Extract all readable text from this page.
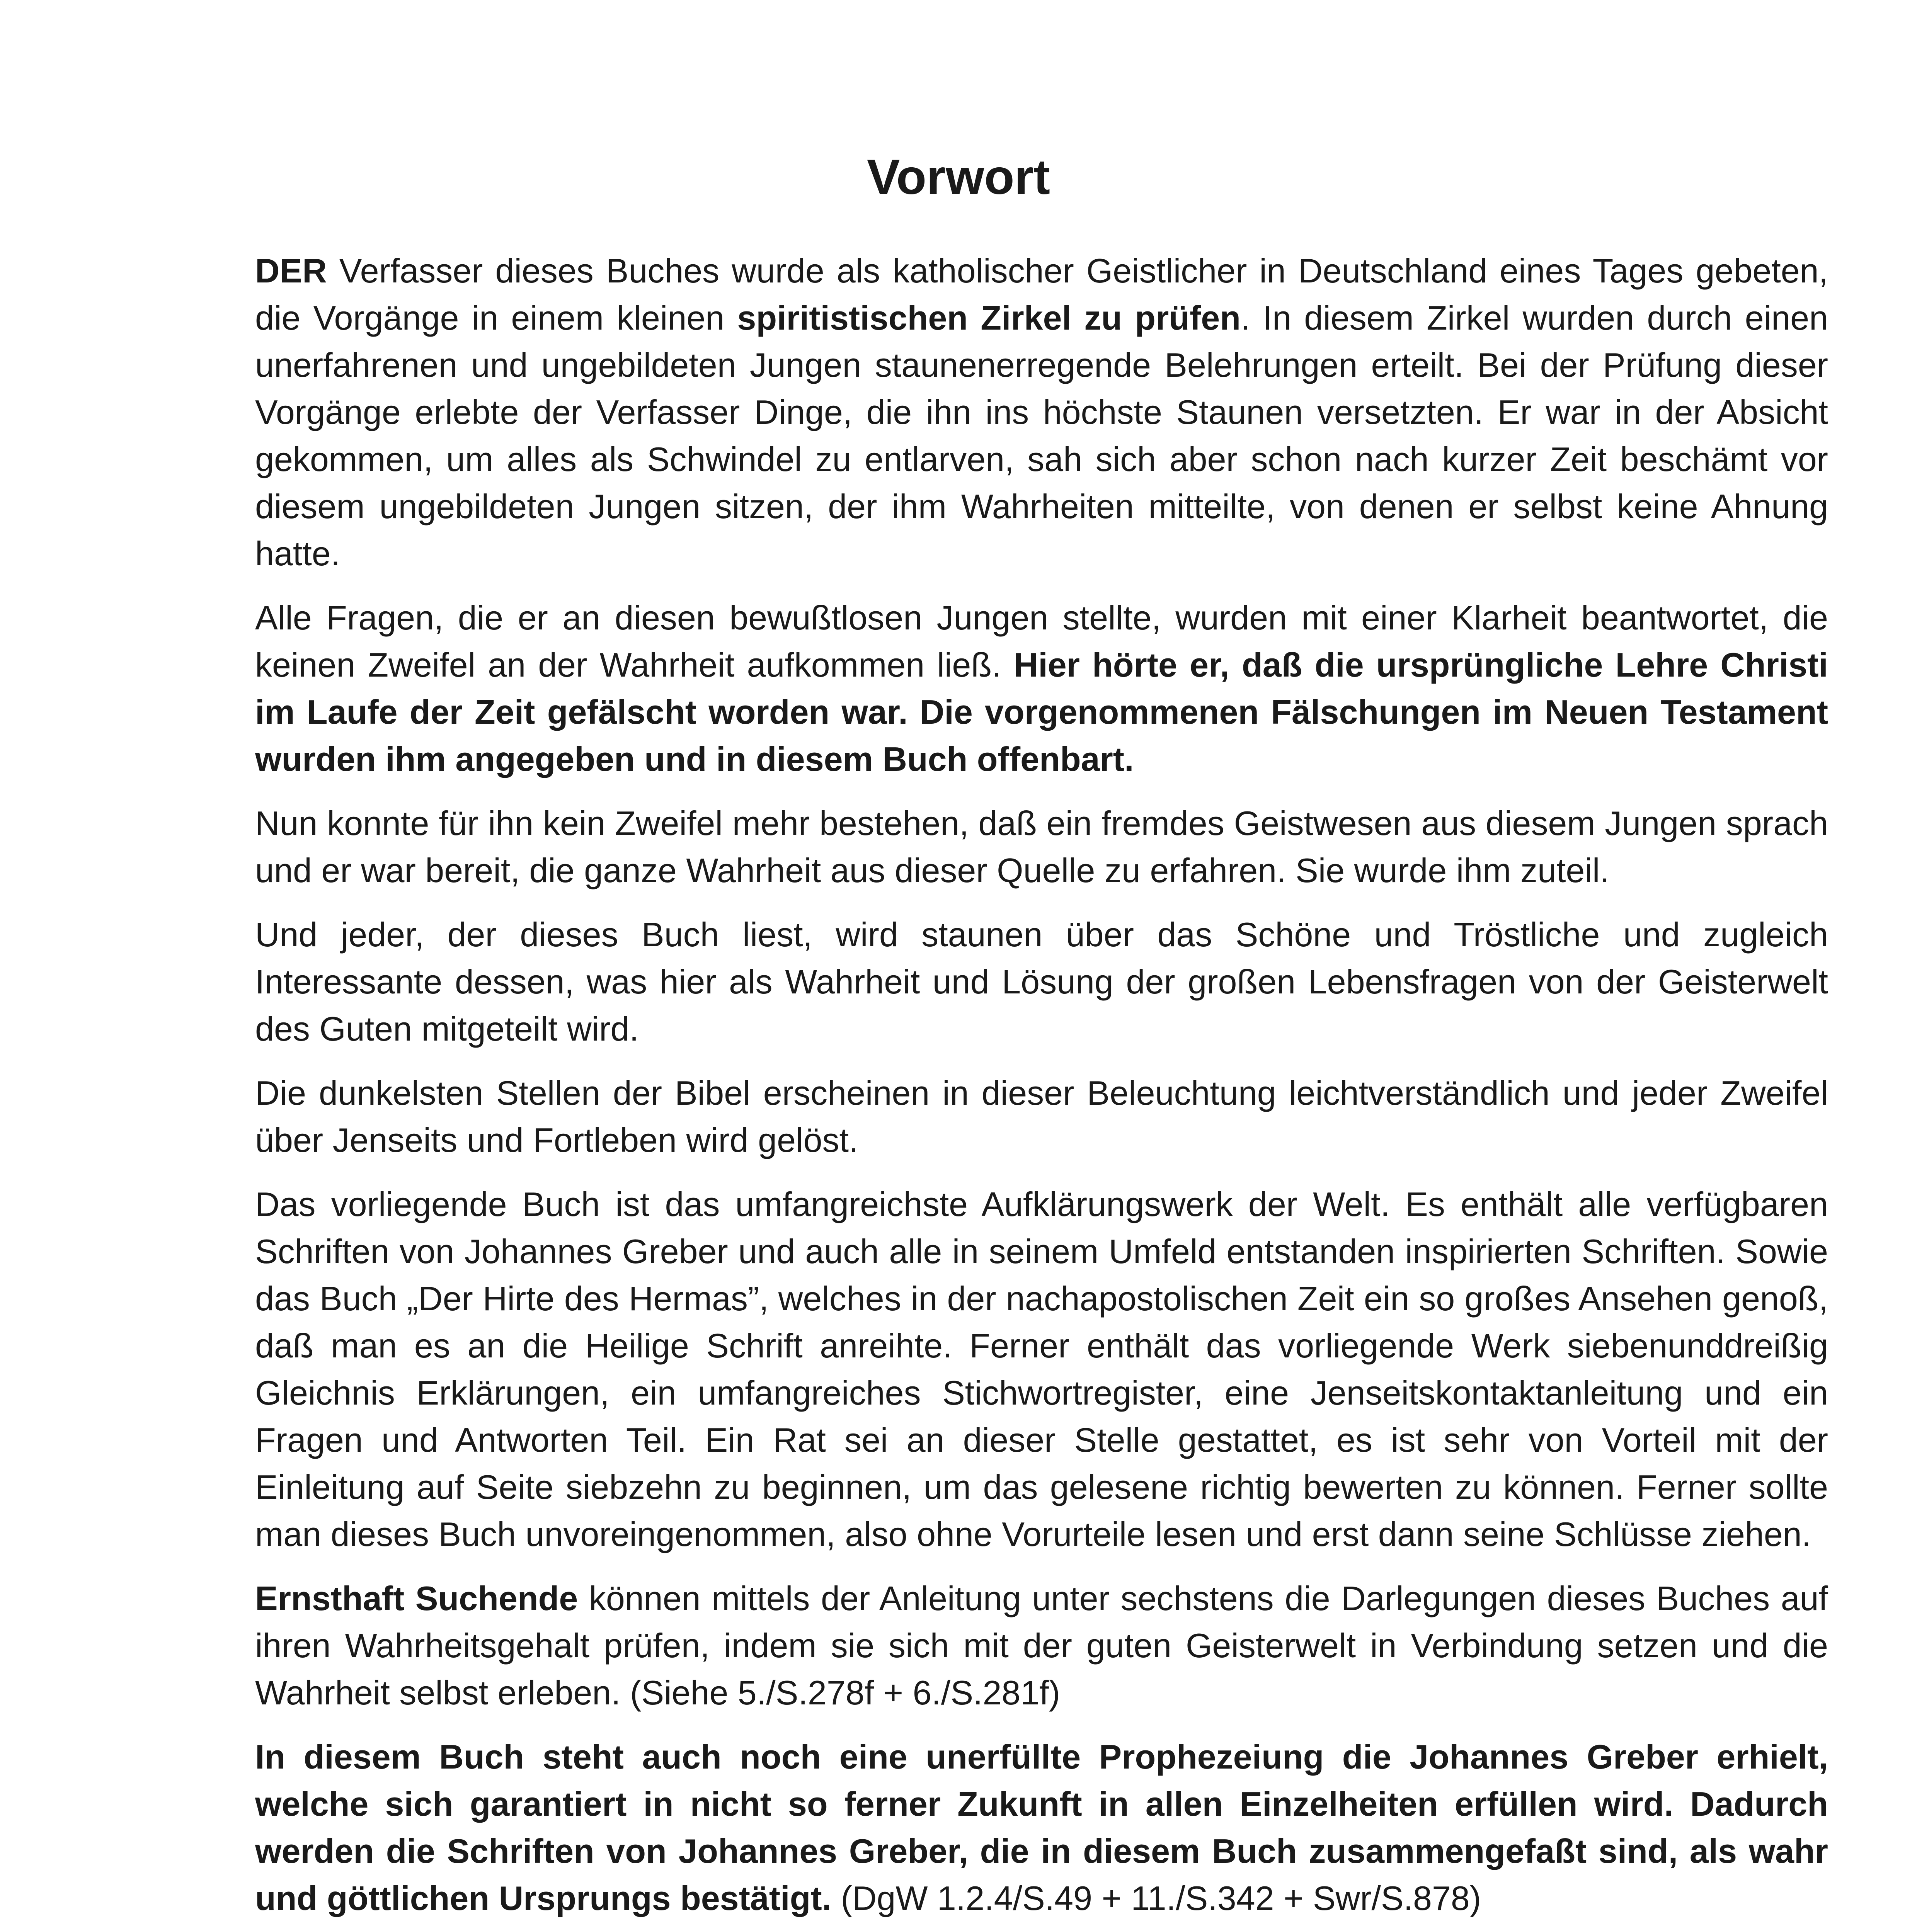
Vorwort

DER Verfasser dieses Buches wurde als katholischer Geistlicher in Deutschland eines Tages gebeten, die Vorgänge in einem kleinen spiritistischen Zirkel zu prüfen. In diesem Zirkel wurden durch einen unerfahrenen und ungebildeten Jungen staunenerregende Belehrungen erteilt. Bei der Prüfung dieser Vorgänge erlebte der Verfasser Dinge, die ihn ins höchste Staunen versetzten. Er war in der Absicht gekommen, um alles als Schwindel zu entlarven, sah sich aber schon nach kurzer Zeit beschämt vor diesem ungebildeten Jungen sitzen, der ihm Wahrheiten mitteilte, von denen er selbst keine Ahnung hatte.

Alle Fragen, die er an diesen bewußtlosen Jungen stellte, wurden mit einer Klarheit beantwortet, die keinen Zweifel an der Wahrheit aufkommen ließ. Hier hörte er, daß die ursprüngliche Lehre Christi im Laufe der Zeit gefälscht worden war. Die vorgenommenen Fälschungen im Neuen Testament wurden ihm angegeben und in diesem Buch offenbart.

Nun konnte für ihn kein Zweifel mehr bestehen, daß ein fremdes Geistwesen aus diesem Jungen sprach und er war bereit, die ganze Wahrheit aus dieser Quelle zu erfahren. Sie wurde ihm zuteil.

Und jeder, der dieses Buch liest, wird staunen über das Schöne und Tröstliche und zugleich Interessante dessen, was hier als Wahrheit und Lösung der großen Lebensfragen von der Geisterwelt des Guten mitgeteilt wird.

Die dunkelsten Stellen der Bibel erscheinen in dieser Beleuchtung leichtverständlich und jeder Zweifel über Jenseits und Fortleben wird gelöst.

Das vorliegende Buch ist das umfangreichste Aufklärungswerk der Welt. Es enthält alle verfügbaren Schriften von Johannes Greber und auch alle in seinem Umfeld entstanden inspirierten Schriften. Sowie das Buch „Der Hirte des Hermas”, welches in der nachapostolischen Zeit ein so großes Ansehen genoß, daß man es an die Heilige Schrift anreihte. Ferner enthält das vorliegende Werk siebenunddreißig Gleichnis Erklärungen, ein umfangreiches Stichwortregister, eine Jenseitskontaktanleitung und ein Fragen und Antworten Teil. Ein Rat sei an dieser Stelle gestattet, es ist sehr von Vorteil mit der Einleitung auf Seite siebzehn zu beginnen, um das gelesene richtig bewerten zu können. Ferner sollte man dieses Buch unvoreingenommen, also ohne Vorurteile lesen und erst dann seine Schlüsse ziehen.

Ernsthaft Suchende können mittels der Anleitung unter sechstens die Darlegungen dieses Buches auf ihren Wahrheitsgehalt prüfen, indem sie sich mit der guten Geisterwelt in Verbindung setzen und die Wahrheit selbst erleben. (Siehe 5./S.278f + 6./S.281f)

In diesem Buch steht auch noch eine unerfüllte Prophezeiung die Johannes Greber erhielt, welche sich garantiert in nicht so ferner Zukunft in allen Einzelheiten erfüllen wird. Dadurch werden die Schriften von Johannes Greber, die in diesem Buch zusammengefaßt sind, als wahr und göttlichen Ursprungs bestätigt. (DgW 1.2.4/S.49 + 11./S.342 + Swr/S.878)
